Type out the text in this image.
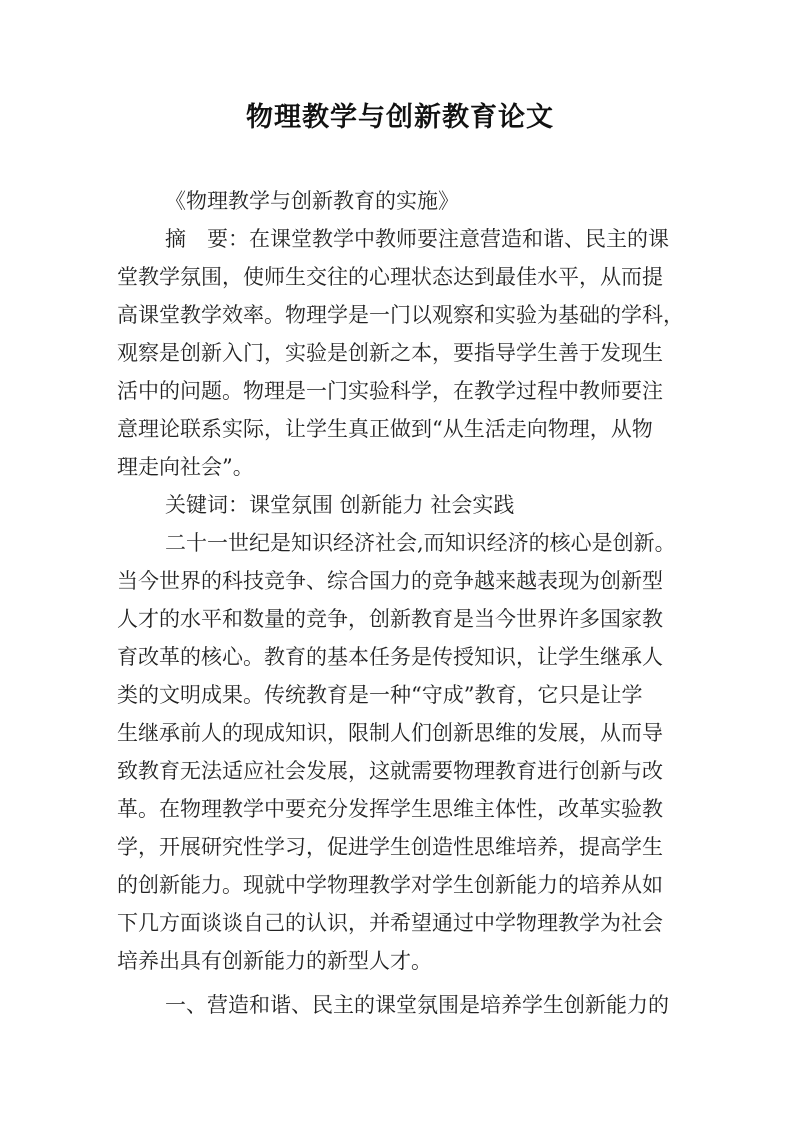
物理教学与创新教育论文
《物理教学与创新教育的实施》
摘　要：在课堂教学中教师要注意营造和谐、民主的课
堂教学氛围，使师生交往的心理状态达到最佳水平，从而提
高课堂教学效率。物理学是一门以观察和实验为基础的学科，
观察是创新入门，实验是创新之本，要指导学生善于发现生
活中的问题。物理是一门实验科学，在教学过程中教师要注
意理论联系实际，让学生真正做到“从生活走向物理，从物
理走向社会”。
关键词：课堂氛围 创新能力 社会实践
二十一世纪是知识经济社会,而知识经济的核心是创新。
当今世界的科技竞争、综合国力的竞争越来越表现为创新型
人才的水平和数量的竞争，创新教育是当今世界许多国家教
育改革的核心。教育的基本任务是传授知识，让学生继承人
类的文明成果。传统教育是一种“守成”教育，它只是让学
生继承前人的现成知识，限制人们创新思维的发展，从而导
致教育无法适应社会发展，这就需要物理教育进行创新与改
革。在物理教学中要充分发挥学生思维主体性，改革实验教
学，开展研究性学习，促进学生创造性思维培养，提高学生
的创新能力。现就中学物理教学对学生创新能力的培养从如
下几方面谈谈自己的认识，并希望通过中学物理教学为社会
培养出具有创新能力的新型人才。
一、营造和谐、民主的课堂氛围是培养学生创新能力的
